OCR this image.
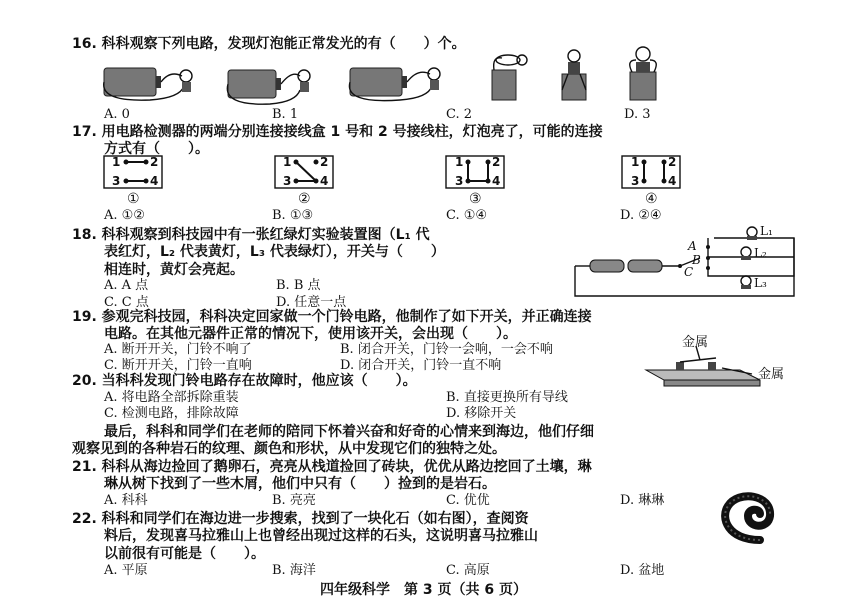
16. 科科观察下列电路，发现灯泡能正常发光的有（　　）个。
A. 0	B. 1	C. 2	D. 3
17. 用电路检测器的两端分别连接接线盒 1 号和 2 号接线柱，灯泡亮了，可能的连接
方式有（　　）。
1 2
3 4
1 2
3 4
1 2
3 4
1 2
3 4
①	②	③	④
A. ①②	B. ①③	C. ①④	D. ②④
18. 科科观察到科技园中有一张红绿灯实验装置图（L₁ 代
表红灯，L₂ 代表黄灯，L₃ 代表绿灯），开关与（　　）
相连时，黄灯会亮起。
A. A 点	B. B 点
C. C 点	D. 任意一点
A
B
C
L₁
L₂
L₃
19. 参观完科技园，科科决定回家做一个门铃电路，他制作了如下开关，并正确连接
电路。在其他元器件正常的情况下，使用该开关，会出现（　　）。
A. 断开开关，门铃不响了	B. 闭合开关，门铃一会响，一会不响
C. 断开开关，门铃一直响	D. 闭合开关，门铃一直不响
金属
金属
20. 当科科发现门铃电路存在故障时，他应该（　　）。
A. 将电路全部拆除重装	B. 直接更换所有导线
C. 检测电路，排除故障	D. 移除开关
最后，科科和同学们在老师的陪同下怀着兴奋和好奇的心情来到海边，他们仔细
观察见到的各种岩石的纹理、颜色和形状，从中发现它们的独特之处。
21. 科科从海边捡回了鹅卵石，亮亮从栈道捡回了砖块，优优从路边挖回了土壤，琳
琳从树下找到了一些木屑，他们中只有（　　）捡到的是岩石。
A. 科科	B. 亮亮	C. 优优	D. 琳琳
22. 科科和同学们在海边进一步搜索，找到了一块化石（如右图），查阅资
料后，发现喜马拉雅山上也曾经出现过这样的石头，这说明喜马拉雅山
以前很有可能是（　　）。
A. 平原	B. 海洋	C. 高原	D. 盆地
四年级科学　第 3 页（共 6 页）
